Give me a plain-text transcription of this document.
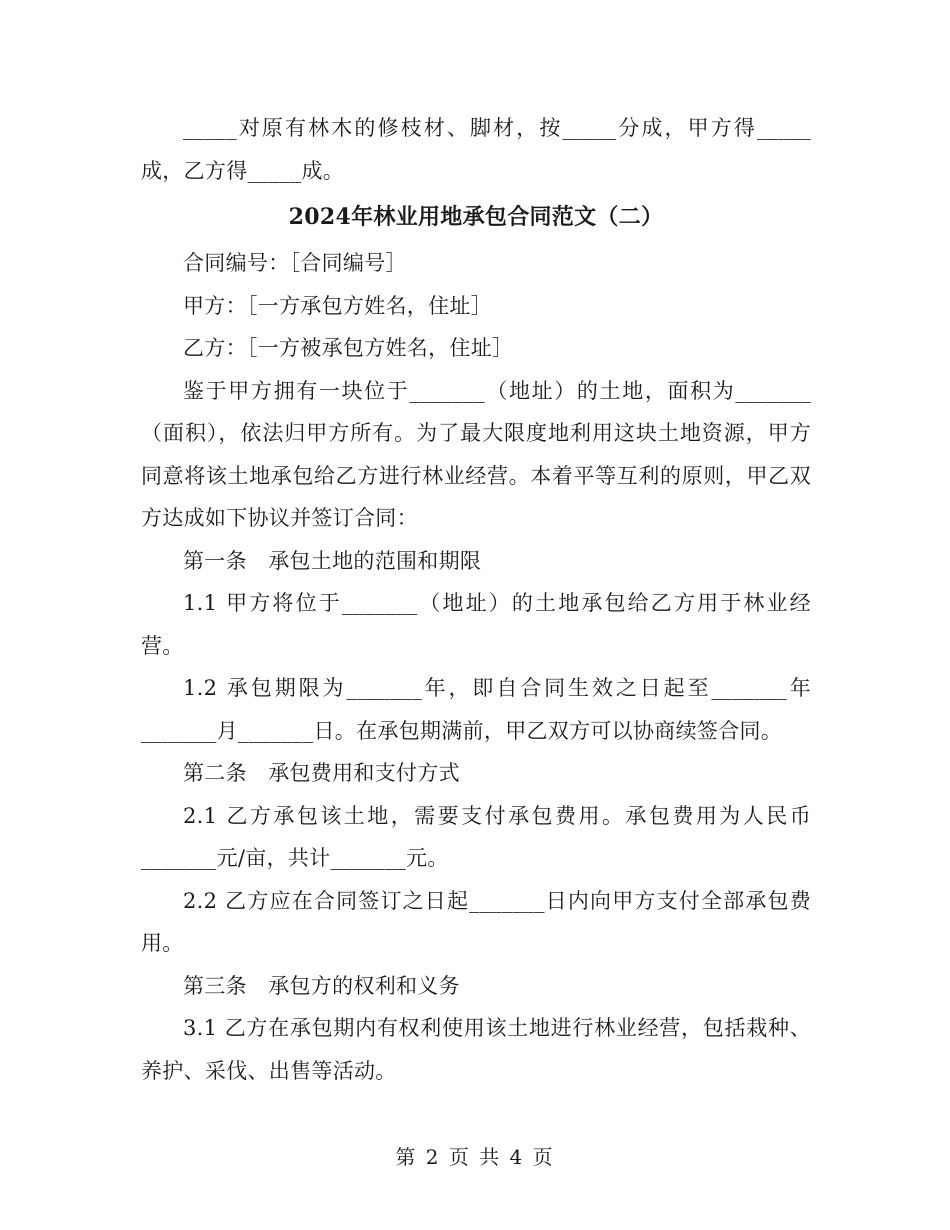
_____对原有林木的修枝材、脚材，按_____分成，甲方得_____成，乙方得_____成。

2024年林业用地承包合同范文（二）

合同编号：［合同编号］

甲方：［一方承包方姓名，住址］

乙方：［一方被承包方姓名，住址］

鉴于甲方拥有一块位于_______（地址）的土地，面积为_______（面积），依法归甲方所有。为了最大限度地利用这块土地资源，甲方同意将该土地承包给乙方进行林业经营。本着平等互利的原则，甲乙双方达成如下协议并签订合同：

第一条　承包土地的范围和期限

1.1 甲方将位于_______（地址）的土地承包给乙方用于林业经营。

1.2 承包期限为_______年，即自合同生效之日起至_______年_______月_______日。在承包期满前，甲乙双方可以协商续签合同。

第二条　承包费用和支付方式

2.1 乙方承包该土地，需要支付承包费用。承包费用为人民币_______元/亩，共计_______元。

2.2 乙方应在合同签订之日起_______日内向甲方支付全部承包费用。

第三条　承包方的权利和义务

3.1 乙方在承包期内有权利使用该土地进行林业经营，包括栽种、养护、采伐、出售等活动。

第 2 页 共 4 页
